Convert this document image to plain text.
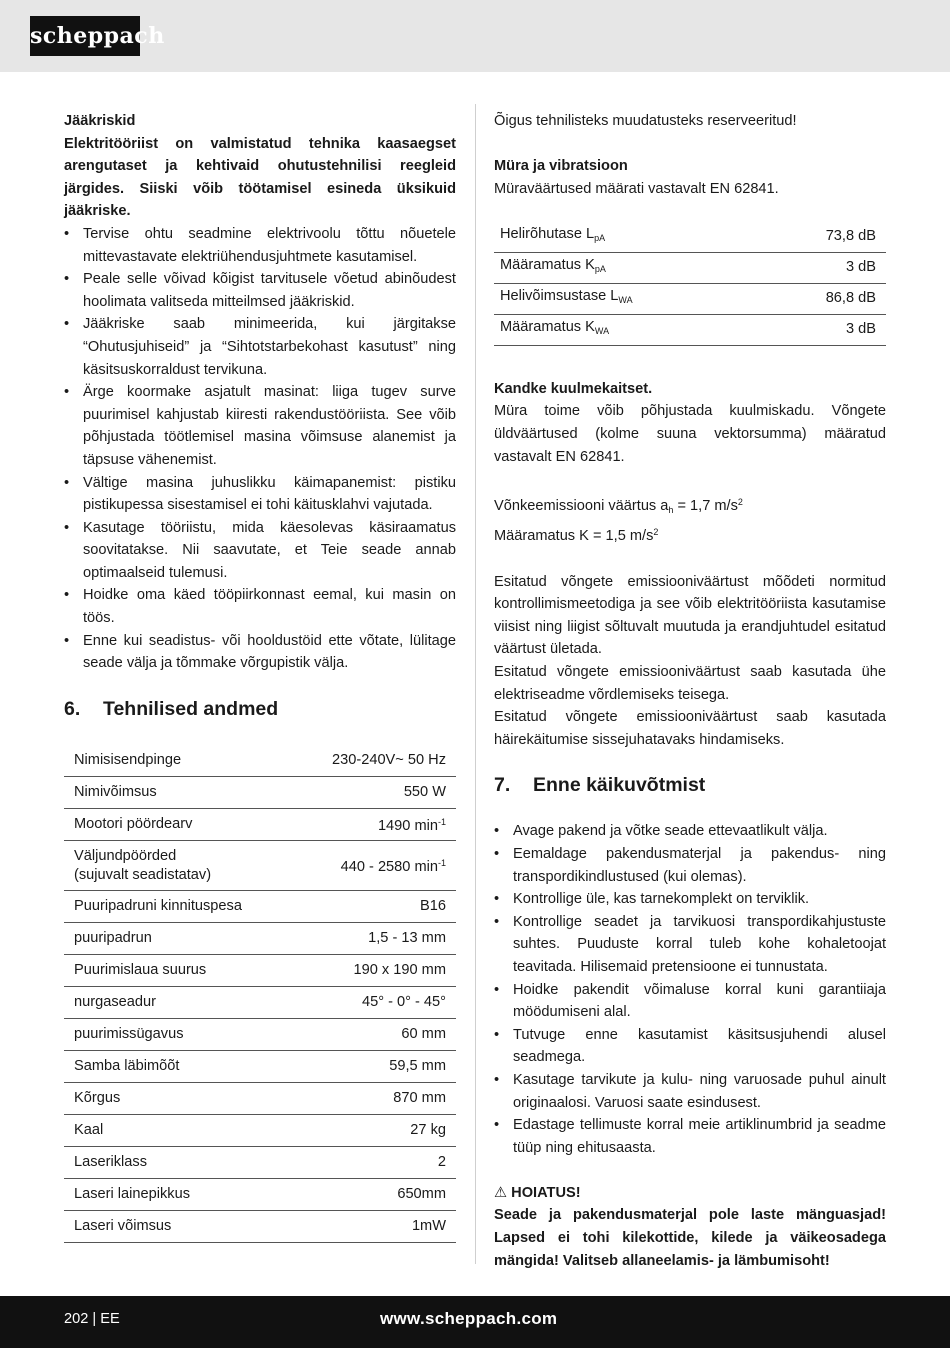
scheppach
Jääkriskid
Elektritööriist on valmistatud tehnika kaasaegset arengutaset ja kehtivaid ohutustehnilisi reegleid järgides. Siiski võib töötamisel esineda üksikuid jääkriske.
• Tervise ohtu seadmine elektrivoolu tõttu nõuetele mittevastavate elektriühendusjuhtmete kasutamisel.
• Peale selle võivad kõigist tarvitusele võetud abinõudest hoolimata valitseda mitteilmsed jääkriskid.
• Jääkriske saab minimeerida, kui järgitakse “Ohutusjuhiseid” ja “Sihtotstarbekohast kasutust” ning käsitsuskorraldust tervikuna.
• Ärge koormake asjatult masinat: liiga tugev surve puurimisel kahjustab kiiresti rakendustööriista. See võib põhjustada töötlemisel masina võimsuse alanemist ja täpsuse vähenemist.
• Vältige masina juhuslikku käimapanemist: pistiku pistikupessa sisestamisel ei tohi käitusklahvi vajutada.
• Kasutage tööriistu, mida käesolevas käsiraamatus soovitatakse. Nii saavutate, et Teie seade annab optimaalseid tulemusi.
• Hoidke oma käed tööpiirkonnast eemal, kui masin on töös.
• Enne kui seadistus- või hooldustöid ette võtate, lülitage seade välja ja tõmmake võrgupistik välja.
6.	Tehnilised andmed
Nimisisendpinge	230-240V~ 50 Hz
Nimivõimsus	550 W
Mootori pöördearv	1490 $\min^{-1}$
Väljundpöörded
(sujuvalt seadistatav)	440 - 2580 $\min^{-1}$
Puuripadruni kinnituspesa	B16
puuripadrun	1,5 - 13 mm
Puurimislaua suurus	190 x 190 mm
nurgaseadur	45° - 0° - 45°
puurimissügavus	60 mm
Samba läbimõõt	59,5 mm
Kõrgus	870 mm
Kaal	27 kg
Laseriklass	2
Laseri lainepikkus	650mm
Laseri võimsus	1mW
Õigus tehnilisteks muudatusteks reserveeritud!
Müra ja vibratsioon
Müraväärtused määrati vastavalt EN 62841.
Helirõhutase $L_{pA}$	73,8 dB
Määramatus $K_{pA}$	3 dB
Helivõimsustase $L_{WA}$	86,8 dB
Määramatus $K_{WA}$	3 dB
Kandke kuulmekaitset.
Müra toime võib põhjustada kuulmiskadu. Võngete üldväärtused (kolme suuna vektorsumma) määratud vastavalt EN 62841.
Võnkeemissiooni väärtus $a_h = 1,7$ $m/s^2$
Määramatus K = 1,5 $m/s^2$
Esitatud võngete emissiooniväärtust mõõdeti normitud kontrollimismeetodiga ja see võib elektritööriista kasutamise viisist ning liigist sõltuvalt muutuda ja erandjuhtudel esitatud väärtust ületada.
Esitatud võngete emissiooniväärtust saab kasutada ühe elektriseadme võrdlemiseks teisega.
Esitatud võngete emissiooniväärtust saab kasutada häirekäitumise sissejuhatavaks hindamiseks.
7.	Enne käikuvõtmist
• Avage pakend ja võtke seade ettevaatlikult välja.
• Eemaldage pakendusmaterjal ja pakendus- ning transpordikindlustused (kui olemas).
• Kontrollige üle, kas tarnekomplekt on terviklik.
• Kontrollige seadet ja tarvikuosi transpordikahjustuste suhtes. Puuduste korral tuleb kohe kohaletoojat teavitada. Hilisemaid pretensioone ei tunnustata.
• Hoidke pakendit võimaluse korral kuni garantiiaja möödumiseni alal.
• Tutvuge enne kasutamist käsitsusjuhendi alusel seadmega.
• Kasutage tarvikute ja kulu- ning varuosade puhul ainult originaalosi. Varuosi saate esindusest.
• Edastage tellimuste korral meie artiklinumbrid ja seadme tüüp ning ehitusaasta.
⚠ HOIATUS!
Seade ja pakendusmaterjal pole laste mänguasjad! Lapsed ei tohi kilekottide, kilede ja väikeosadega mängida! Valitseb allaneelamis- ja lämbumisoht!
202 | EE	www.scheppach.com
